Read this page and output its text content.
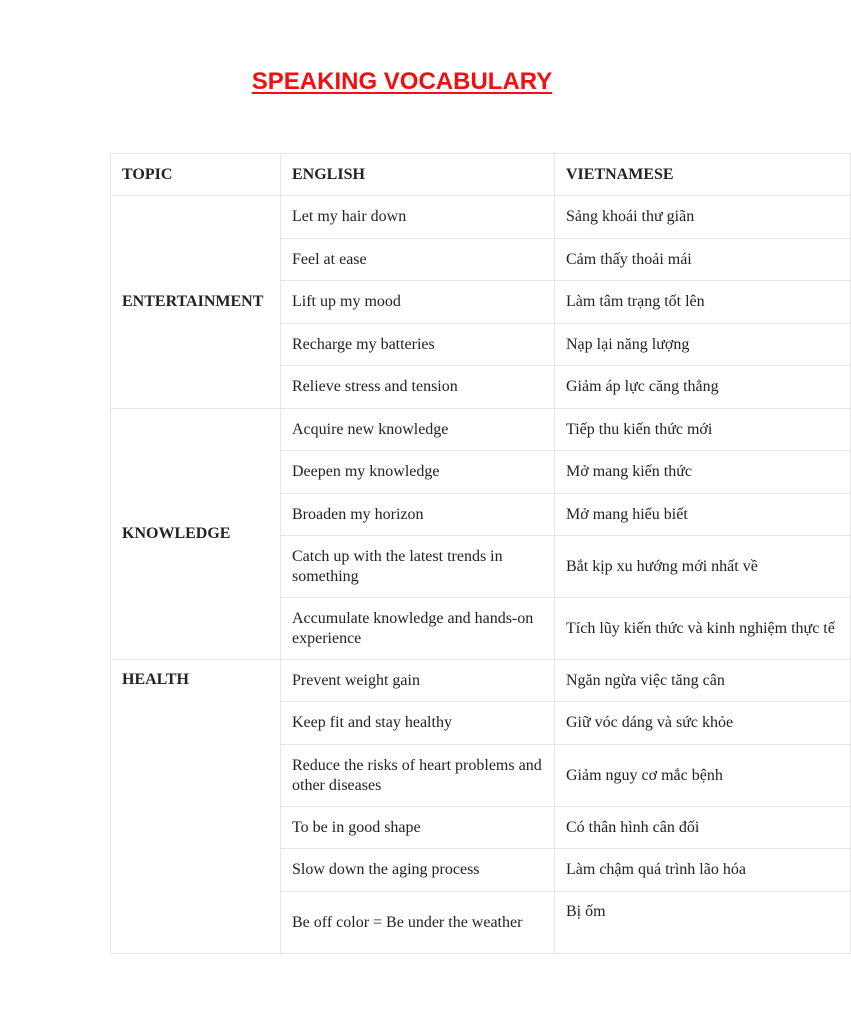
SPEAKING VOCABULARY
TOPIC	ENGLISH	VIETNAMESE
ENTERTAINMENT	Let my hair down	Sảng khoái thư giãn
	Feel at ease	Cảm thấy thoải mái
	Lift up my mood	Làm tâm trạng tốt lên
	Recharge my batteries	Nạp lại năng lượng
	Relieve stress and tension	Giảm áp lực căng thẳng
KNOWLEDGE	Acquire new knowledge	Tiếp thu kiến thức mới
	Deepen my knowledge	Mở mang kiến thức
	Broaden my horizon	Mở mang hiểu biết
	Catch up with the latest trends in something	Bắt kịp xu hướng mới nhất về
	Accumulate knowledge and hands-on experience	Tích lũy kiến thức và kinh nghiệm thực tế
HEALTH	Prevent weight gain	Ngăn ngừa việc tăng cân
	Keep fit and stay healthy	Giữ vóc dáng và sức khỏe
	Reduce the risks of heart problems and other diseases	Giảm nguy cơ mắc bệnh
	To be in good shape	Có thân hình cân đối
	Slow down the aging process	Làm chậm quá trình lão hóa
	Be off color = Be under the weather	Bị ốm
